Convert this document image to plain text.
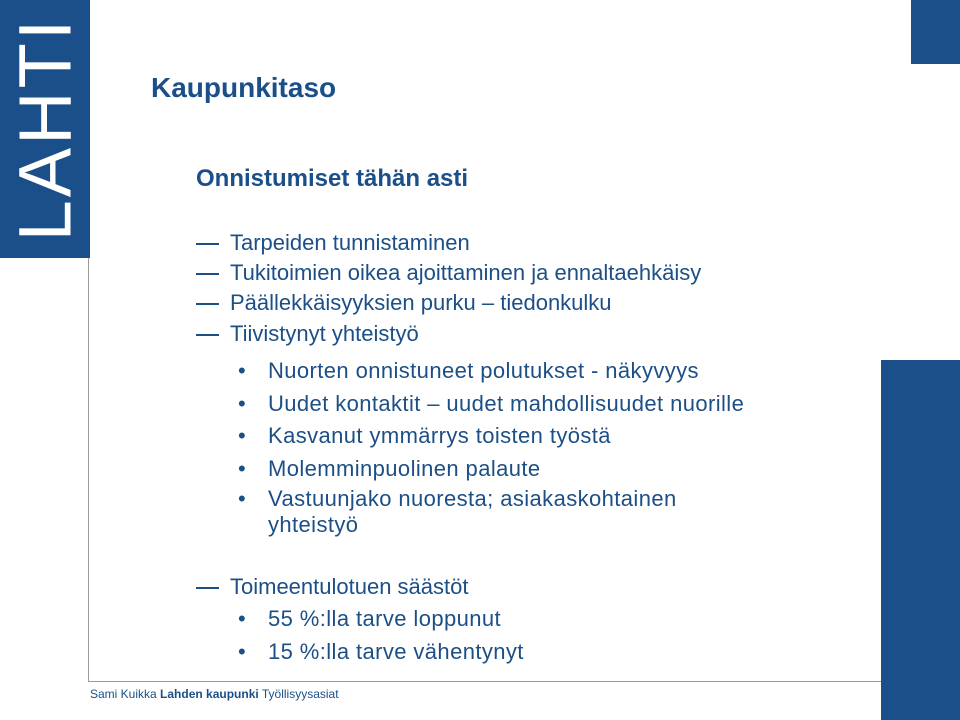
LAHTI Kaupunkitaso
Onnistumiset tähän asti
Tarpeiden tunnistaminen
Tukitoimien oikea ajoittaminen ja ennaltaehkäisy
Päällekkäisyyksien purku – tiedonkulku
Tiivistynyt yhteistyö
• Nuorten onnistuneet polutukset - näkyvyys
• Uudet kontaktit – uudet mahdollisuudet nuorille
• Kasvanut ymmärrys toisten työstä
• Molemminpuolinen palaute
• Vastuunjako nuoresta; asiakaskohtainen yhteistyö
Toimeentulotuen säästöt
• 55 %:lla tarve loppunut
• 15 %:lla tarve vähentynyt
Sami Kuikka Lahden kaupunki Työllisyysasiat
